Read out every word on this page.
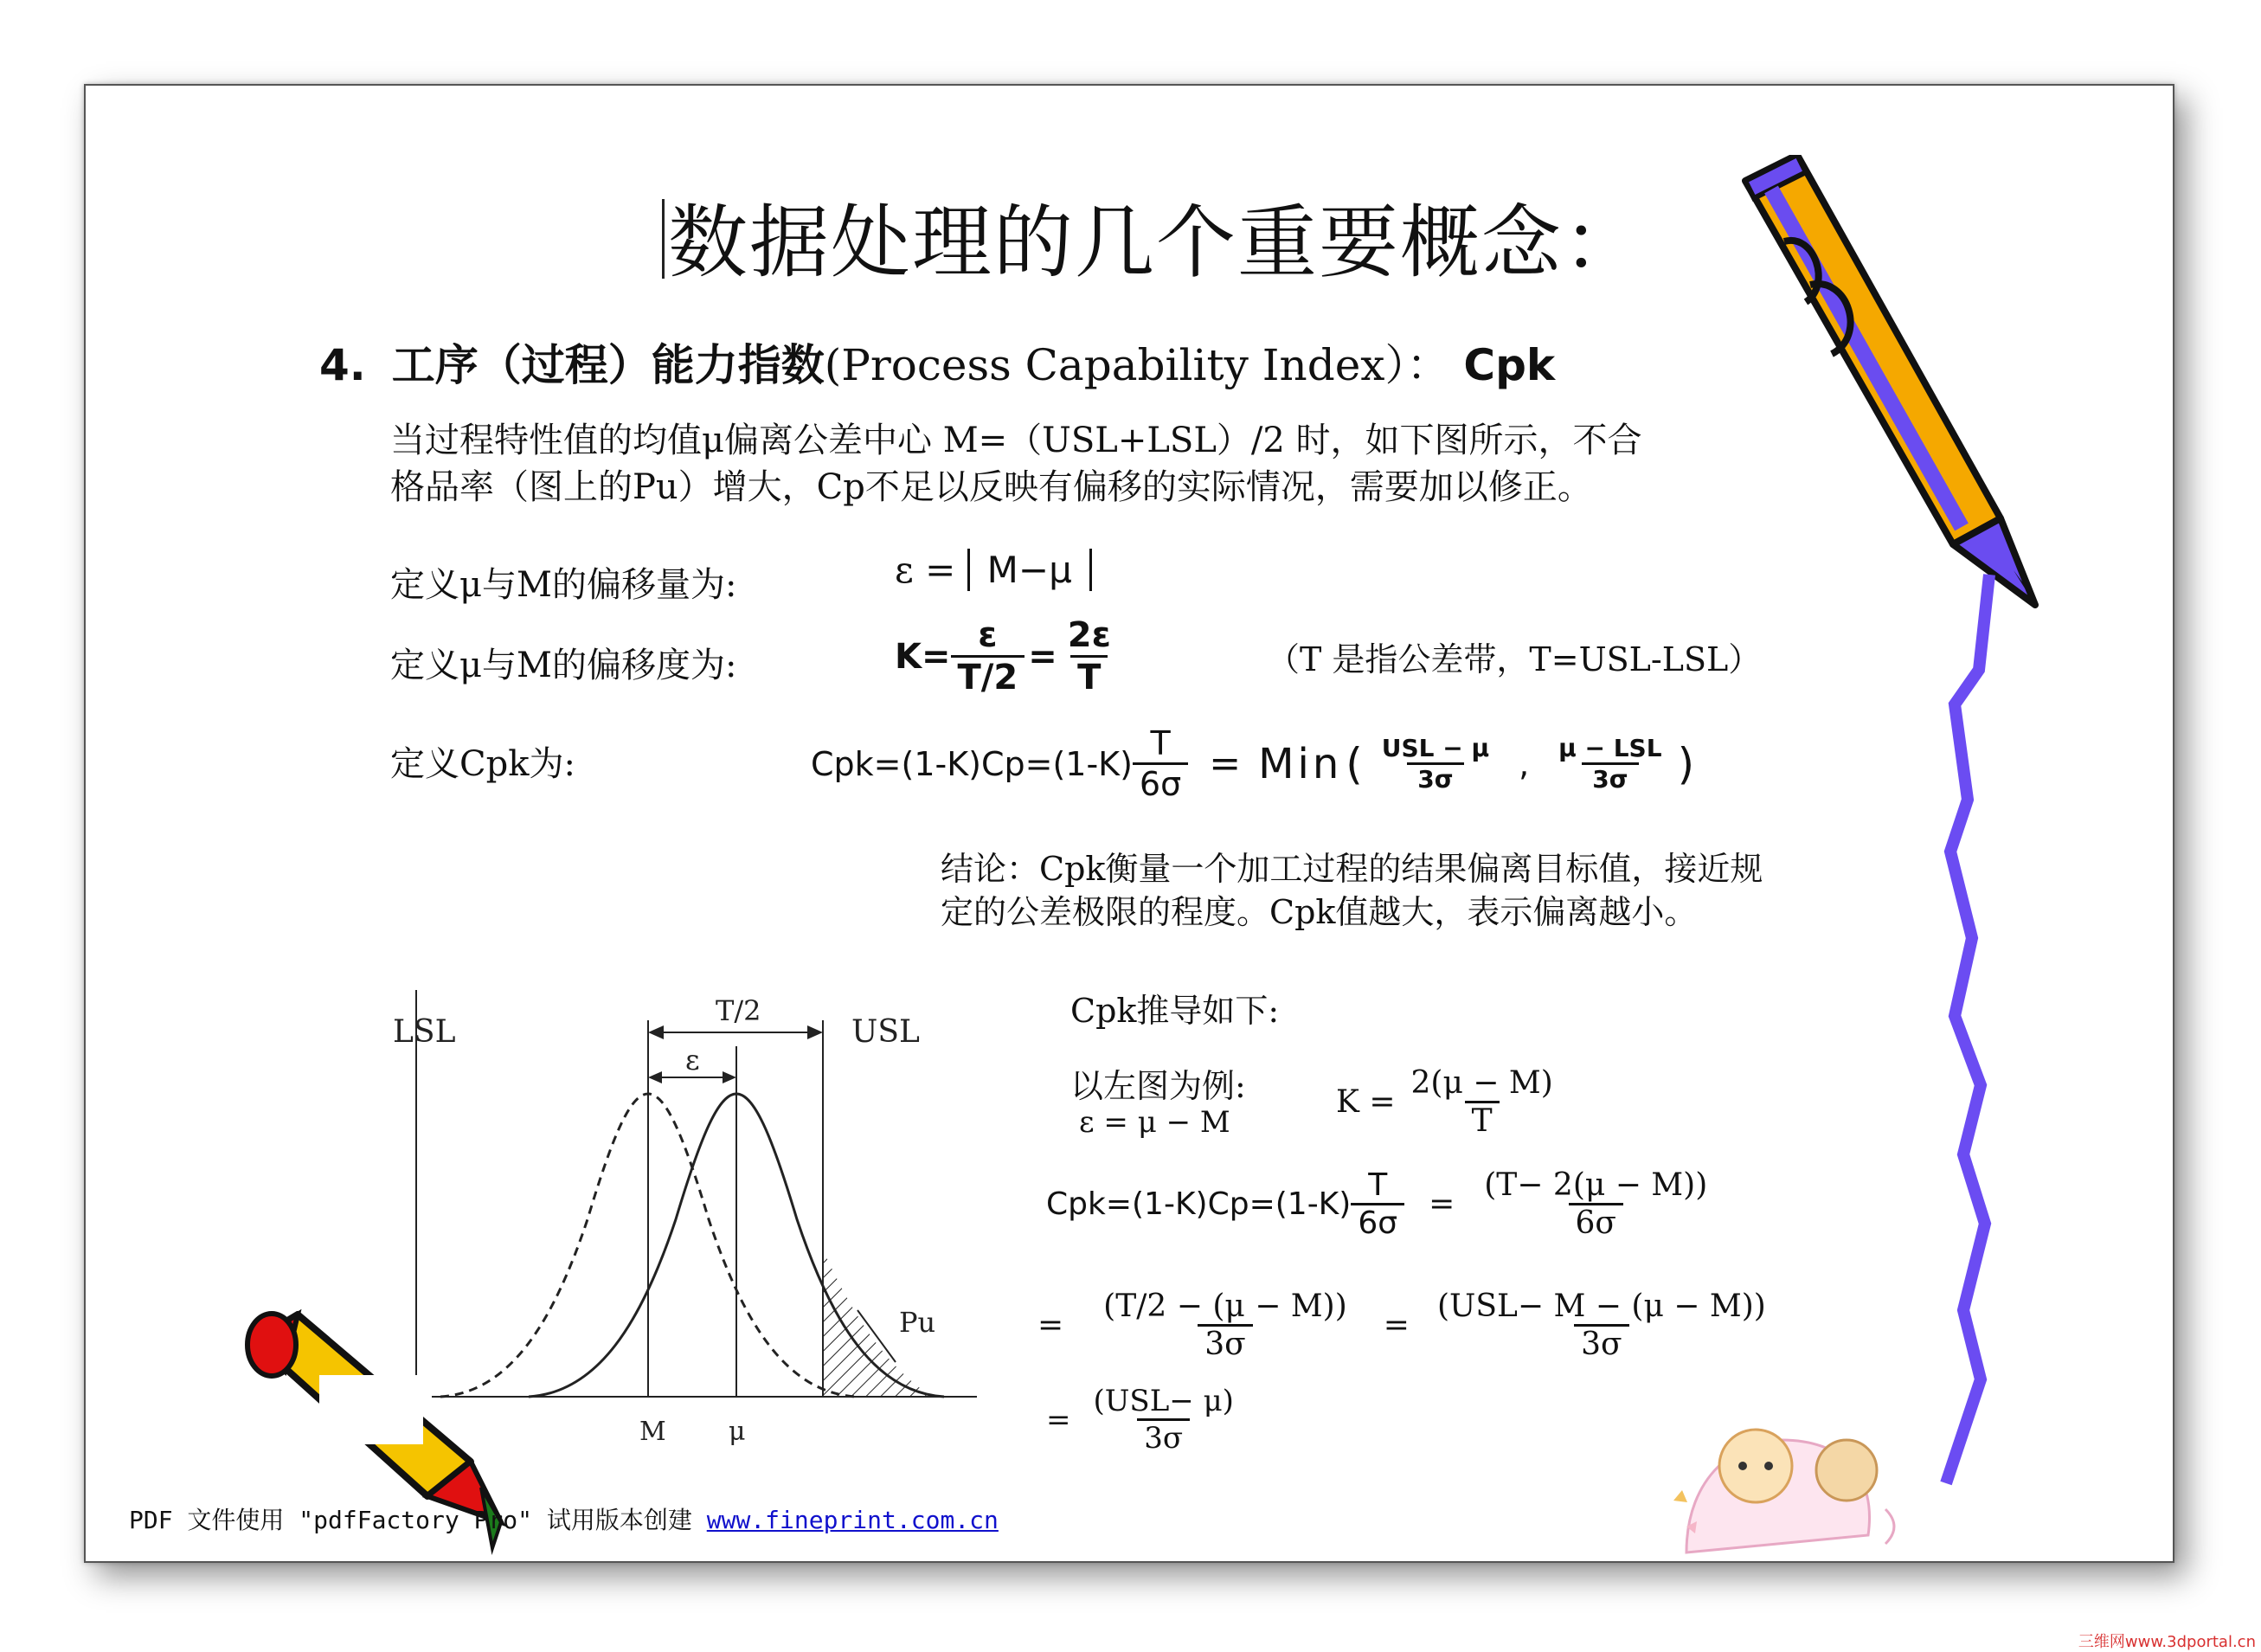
数据处理的几个重要概念：
4. 工序（过程）能力指数(Process Capability Index）： Cpk
当过程特性值的均值μ偏离公差中心 M=（USL+LSL）/2 时，如下图所示，不合
格品率（图上的Pu）增大，Cp不足以反映有偏移的实际情况，需要加以修正。
定义μ与M的偏移量为:	ε = M−μ
定义μ与M的偏移度为:	$K= \frac{\varepsilon}{T/2} = \frac{2\varepsilon}{T}$	（T 是指公差带，T=USL-LSL）
定义Cpk为:	$Cpk=(1-K)Cp=(1-K) \frac{T}{6\sigma}$ = Min ( $\frac{\text{USL − μ}}{3\sigma}$ , $\frac{\text{μ − LSL}}{3\sigma}$ )
结论：Cpk衡量一个加工过程的结果偏离目标值，接近规
定的公差极限的程度。Cpk值越大，表示偏离越小。
LSL	USL
T/2
ε
Pu
M μ
Cpk推导如下:
以左图为例:
ε = μ − M
$K = \frac{2(\mu - M)}{T}$
$Cpk=(1-K)Cp=(1-K) \frac{T}{6\sigma} = \frac{(T- 2(\mu - M))}{6\sigma}$
= $\frac{(T/2 - (\mu - M))}{3\sigma} = \frac{\text{(USL− M − (μ − M))}}{3\sigma}$
= $\frac{\text{(USL− μ)}}{3\sigma}$
PDF 文件使用 "pdfFactory Pro" 试用版本创建 www.fineprint.com.cn
三维网www.3dportal.cn
